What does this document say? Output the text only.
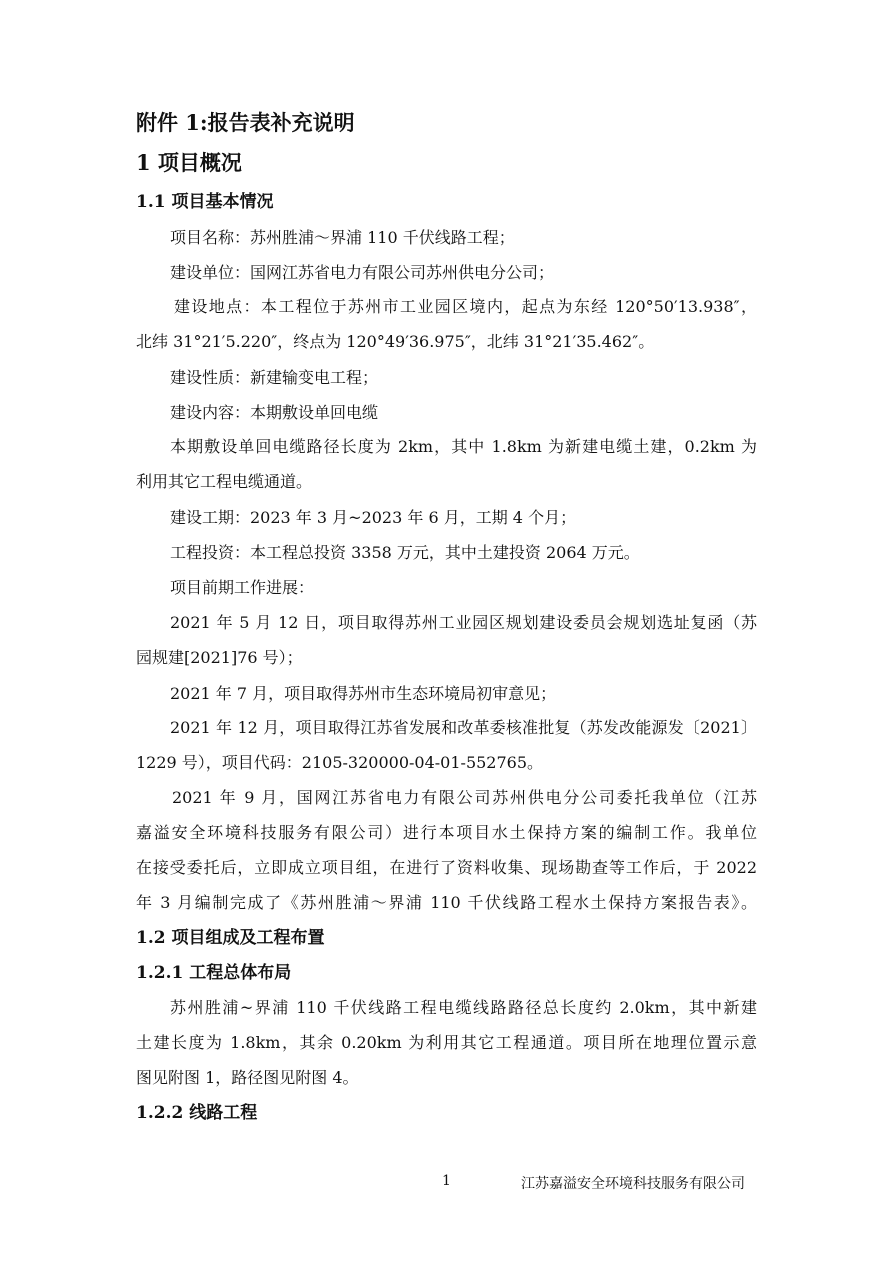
附件 1:报告表补充说明

1 项目概况

1.1 项目基本情况

项目名称：苏州胜浦～界浦 110 千伏线路工程；

建设单位：国网江苏省电力有限公司苏州供电分公司；

建设地点：本工程位于苏州市工业园区境内，起点为东经 120°50′13.938″，

北纬 31°21′5.220″，终点为 120°49′36.975″，北纬 31°21′35.462″。

建设性质：新建输变电工程；

建设内容：本期敷设单回电缆

本期敷设单回电缆路径长度为 2km，其中 1.8km 为新建电缆土建，0.2km 为

利用其它工程电缆通道。

建设工期：2023 年 3 月~2023 年 6 月，工期 4 个月；

工程投资：本工程总投资 3358 万元，其中土建投资 2064 万元。

项目前期工作进展：

2021 年 5 月 12 日，项目取得苏州工业园区规划建设委员会规划选址复函（苏

园规建[2021]76 号）；

2021 年 7 月，项目取得苏州市生态环境局初审意见；

2021 年 12 月，项目取得江苏省发展和改革委核准批复（苏发改能源发〔2021〕

1229 号），项目代码：2105-320000-04-01-552765。

2021 年 9 月，国网江苏省电力有限公司苏州供电分公司委托我单位（江苏

嘉溢安全环境科技服务有限公司）进行本项目水土保持方案的编制工作。我单位

在接受委托后，立即成立项目组，在进行了资料收集、现场勘查等工作后，于 2022

年 3 月编制完成了《苏州胜浦～界浦 110 千伏线路工程水土保持方案报告表》。

1.2 项目组成及工程布置

1.2.1 工程总体布局

苏州胜浦~界浦 110 千伏线路工程电缆线路路径总长度约 2.0km，其中新建

土建长度为 1.8km，其余 0.20km 为利用其它工程通道。项目所在地理位置示意

图见附图 1，路径图见附图 4。

1.2.2 线路工程

1	江苏嘉溢安全环境科技服务有限公司
